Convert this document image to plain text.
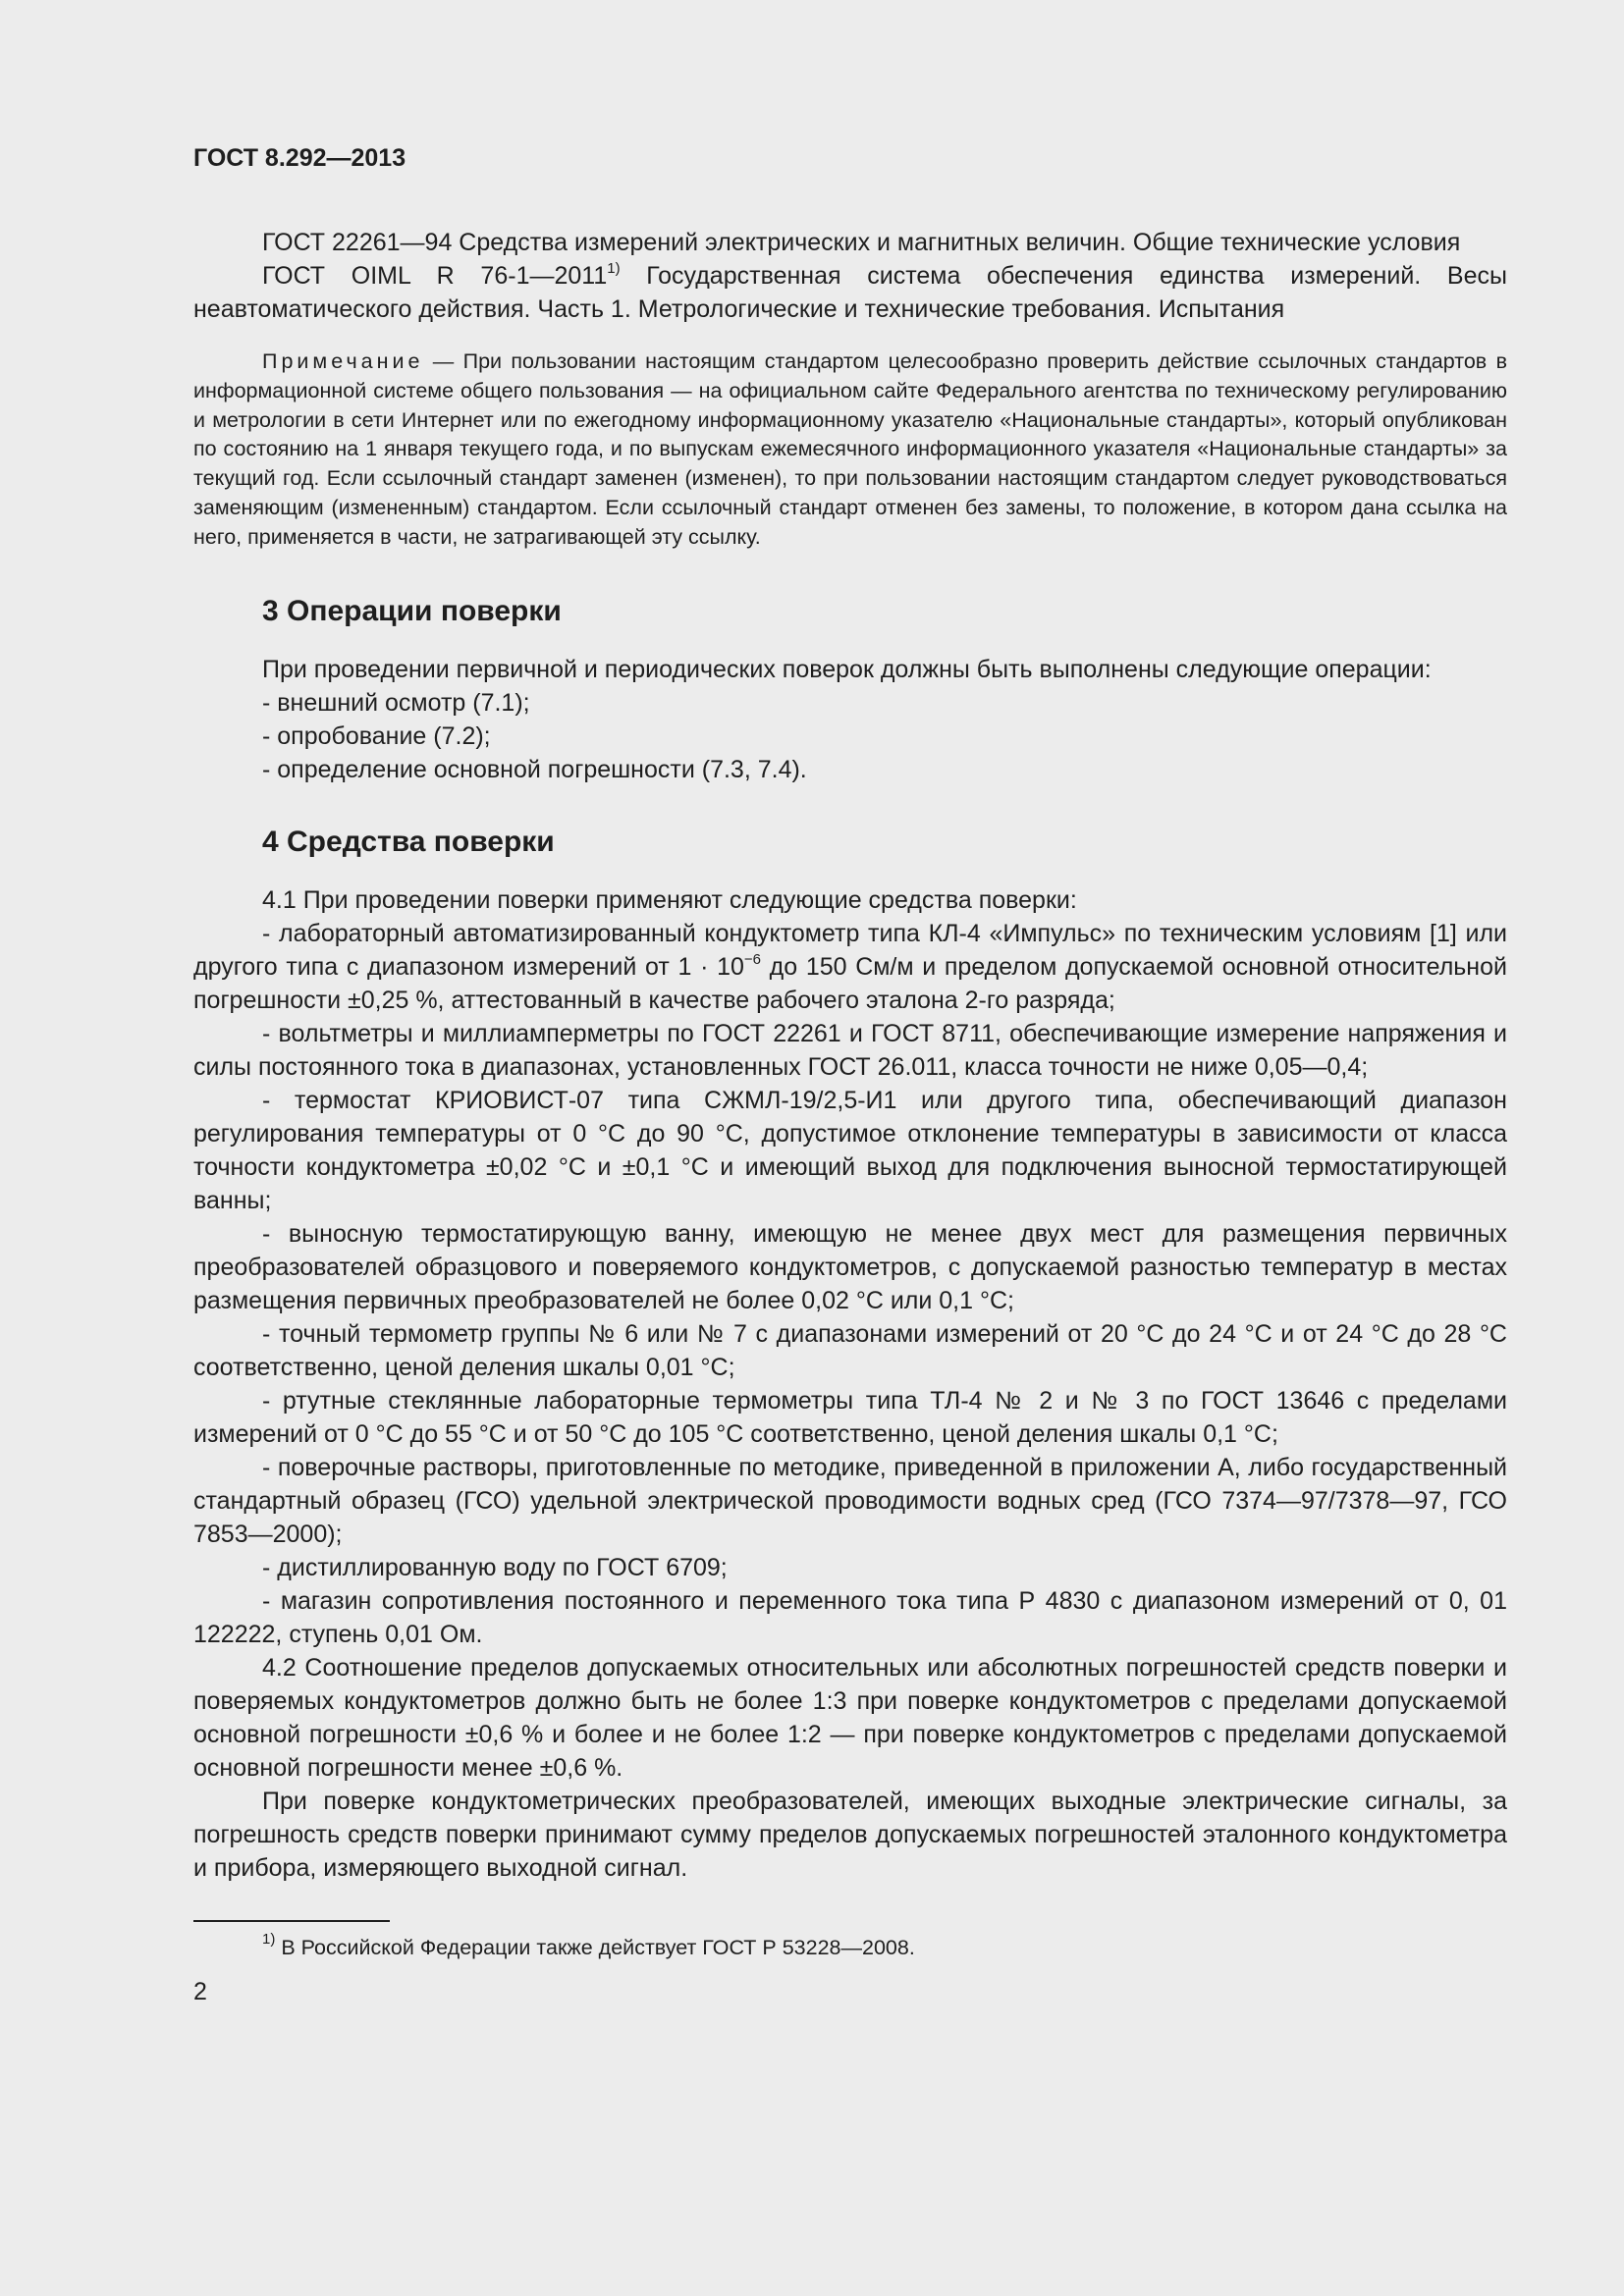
ГОСТ 8.292—2013

ГОСТ 22261—94 Средства измерений электрических и магнитных величин. Общие технические условия

ГОСТ OIML R 76-1—2011$^{1)}$ Государственная система обеспечения единства измерений. Весы неавтоматического действия. Часть 1. Метрологические и технические требования. Испытания

Примечание — При пользовании настоящим стандартом целесообразно проверить действие ссылочных стандартов в информационной системе общего пользования — на официальном сайте Федерального агентства по техническому регулированию и метрологии в сети Интернет или по ежегодному информационному указателю «Национальные стандарты», который опубликован по состоянию на 1 января текущего года, и по выпускам ежемесячного информационного указателя «Национальные стандарты» за текущий год. Если ссылочный стандарт заменен (изменен), то при пользовании настоящим стандартом следует руководствоваться заменяющим (измененным) стандартом. Если ссылочный стандарт отменен без замены, то положение, в котором дана ссылка на него, применяется в части, не затрагивающей эту ссылку.

3 Операции поверки

При проведении первичной и периодических поверок должны быть выполнены следующие операции:

- внешний осмотр (7.1);
- опробование (7.2);
- определение основной погрешности (7.3, 7.4).
4 Средства поверки

4.1 При проведении поверки применяют следующие средства поверки:

- лабораторный автоматизированный кондуктометр типа КЛ-4 «Импульс» по техническим условиям [1] или другого типа с диапазоном измерений от $1 \cdot 10^{-6}$ до 150 См/м и пределом допускаемой основной относительной погрешности ±0,25 %, аттестованный в качестве рабочего эталона 2-го разряда;
- вольтметры и миллиамперметры по ГОСТ 22261 и ГОСТ 8711, обеспечивающие измерение напряжения и силы постоянного тока в диапазонах, установленных ГОСТ 26.011, класса точности не ниже 0,05—0,4;
- термостат КРИОВИСТ-07 типа СЖМЛ-19/2,5-И1 или другого типа, обеспечивающий диапазон регулирования температуры от 0 °С до 90 °С, допустимое отклонение температуры в зависимости от класса точности кондуктометра ±0,02 °С и ±0,1 °С и имеющий выход для подключения выносной термостатирующей ванны;
- выносную термостатирующую ванну, имеющую не менее двух мест для размещения первичных преобразователей образцового и поверяемого кондуктометров, с допускаемой разностью температур в местах размещения первичных преобразователей не более 0,02 °С или 0,1 °С;
- точный термометр группы № 6 или № 7 с диапазонами измерений от 20 °С до 24 °С и от 24 °С до 28 °С соответственно, ценой деления шкалы 0,01 °С;
- ртутные стеклянные лабораторные термометры типа ТЛ-4 № 2 и № 3 по ГОСТ 13646 с пределами измерений от 0 °С до 55 °С и от 50 °С до 105 °С соответственно, ценой деления шкалы 0,1 °С;
- поверочные растворы, приготовленные по методике, приведенной в приложении А, либо государственный стандартный образец (ГСО) удельной электрической проводимости водных сред (ГСО 7374—97/7378—97, ГСО 7853—2000);
- дистиллированную воду по ГОСТ 6709;
- магазин сопротивления постоянного и переменного тока типа Р 4830 с диапазоном измерений от 0, 01 122222, ступень 0,01 Ом.

4.2 Соотношение пределов допускаемых относительных или абсолютных погрешностей средств поверки и поверяемых кондуктометров должно быть не более 1:3 при поверке кондуктометров с пределами допускаемой основной погрешности ±0,6 % и более и не более 1:2 — при поверке кондуктометров с пределами допускаемой основной погрешности менее ±0,6 %.

При поверке кондуктометрических преобразователей, имеющих выходные электрические сигналы, за погрешность средств поверки принимают сумму пределов допускаемых погрешностей эталонного кондуктометра и прибора, измеряющего выходной сигнал.

$^{1)}$ В Российской Федерации также действует ГОСТ Р 53228—2008.

2
